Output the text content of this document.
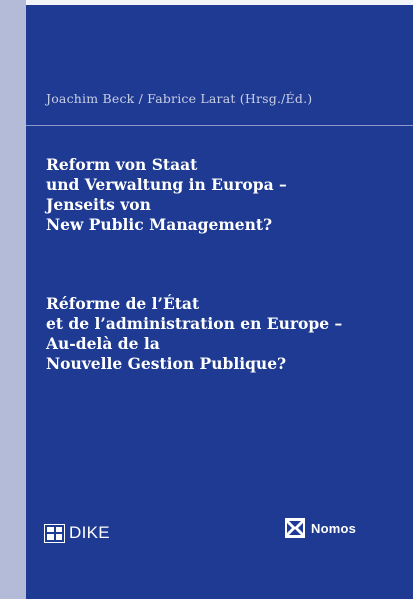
Joachim Beck / Fabrice Larat (Hrsg./Éd.)
Reform von Staat
und Verwaltung in Europa –
Jenseits von
New Public Management?
Réforme de l’État
et de l’administration en Europe –
Au-delà de la
Nouvelle Gestion Publique?
DIKE	Nomos
